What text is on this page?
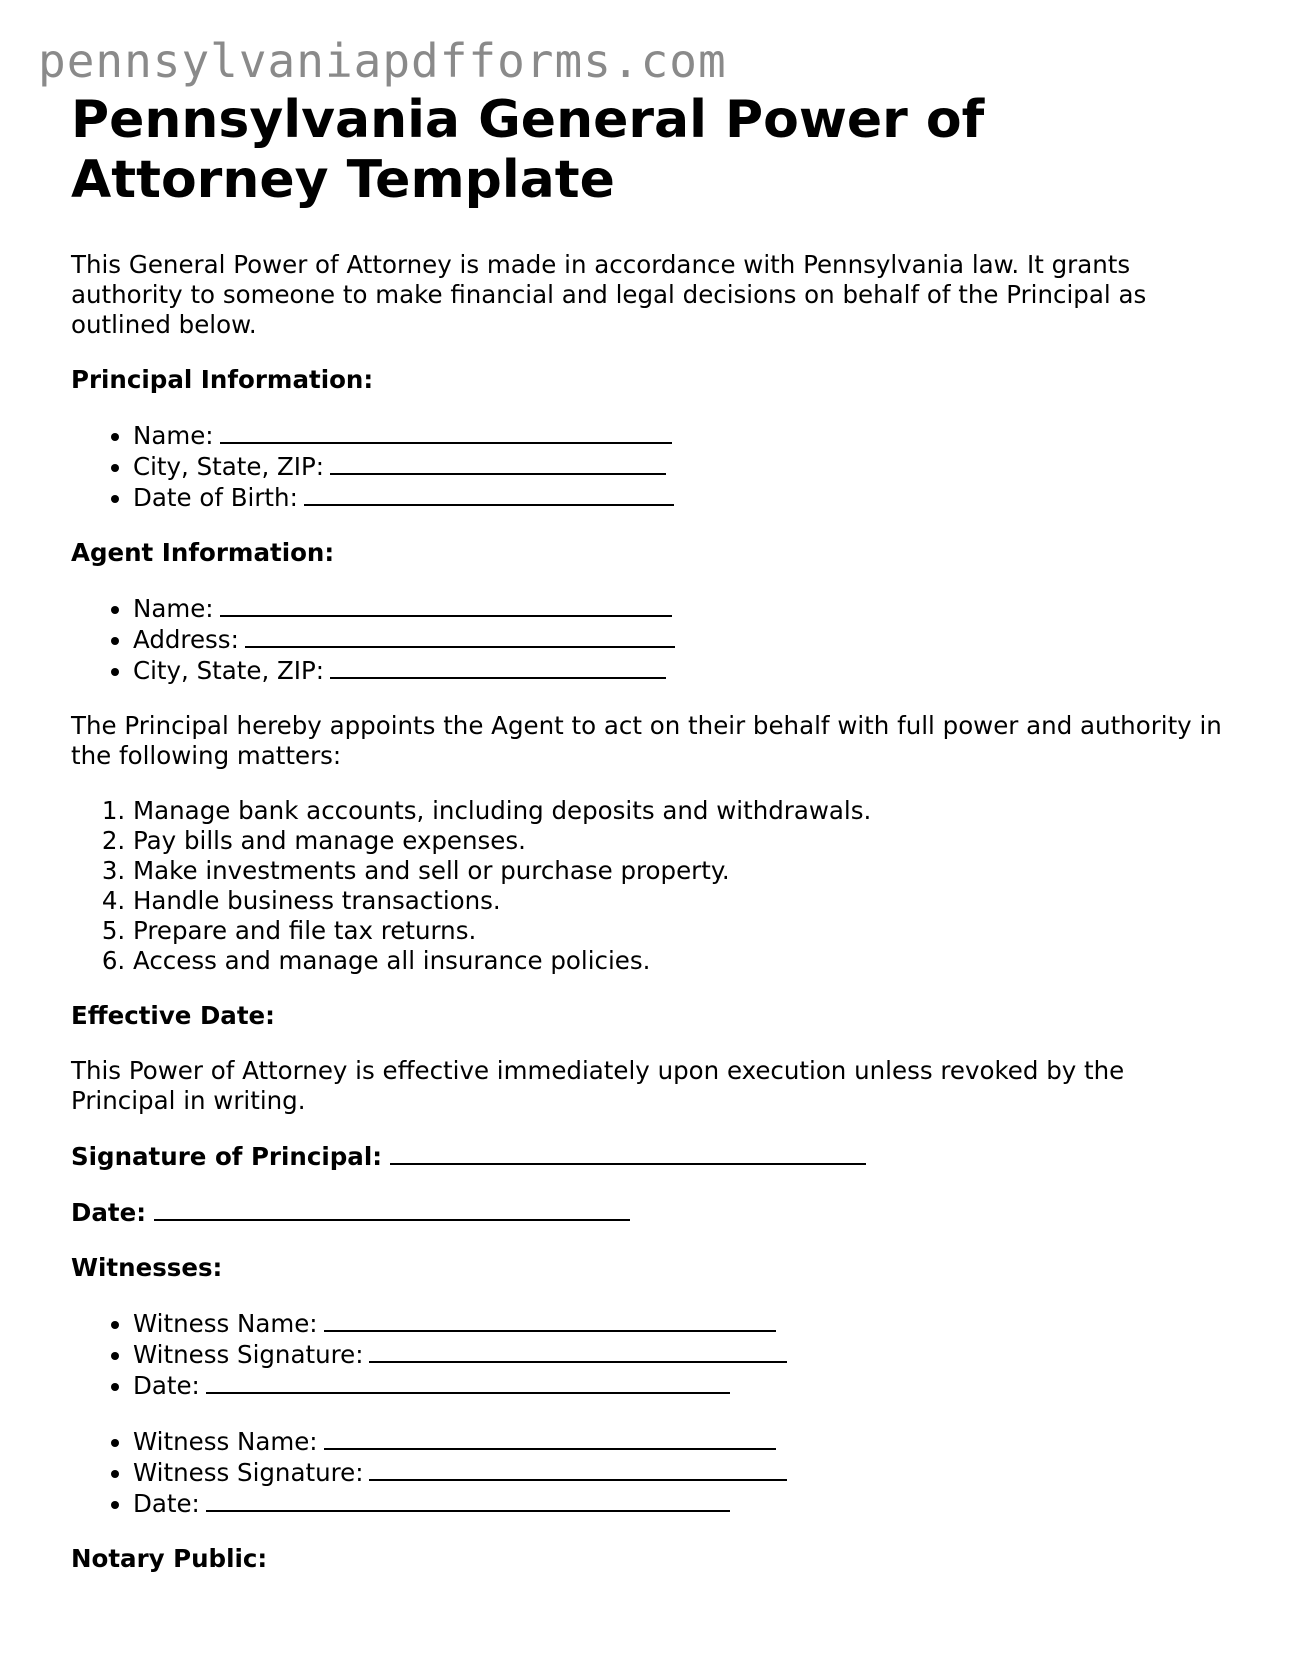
pennsylvaniapdfforms.com
Pennsylvania General Power of Attorney Template

This General Power of Attorney is made in accordance with Pennsylvania law. It grants authority to someone to make financial and legal decisions on behalf of the Principal as outlined below.

Principal Information:
• Name:
• City, State, ZIP:
• Date of Birth:
Agent Information:
• Name:
• Address:
• City, State, ZIP:

The Principal hereby appoints the Agent to act on their behalf with full power and authority in the following matters:

1. Manage bank accounts, including deposits and withdrawals.
2. Pay bills and manage expenses.
3. Make investments and sell or purchase property.
4. Handle business transactions.
5. Prepare and file tax returns.
6. Access and manage all insurance policies.
Effective Date:

This Power of Attorney is effective immediately upon execution unless revoked by the Principal in writing.

Signature of Principal:
Date:
Witnesses:
• Witness Name:
• Witness Signature:
• Date:
• Witness Name:
• Witness Signature:
• Date:
Notary Public:
